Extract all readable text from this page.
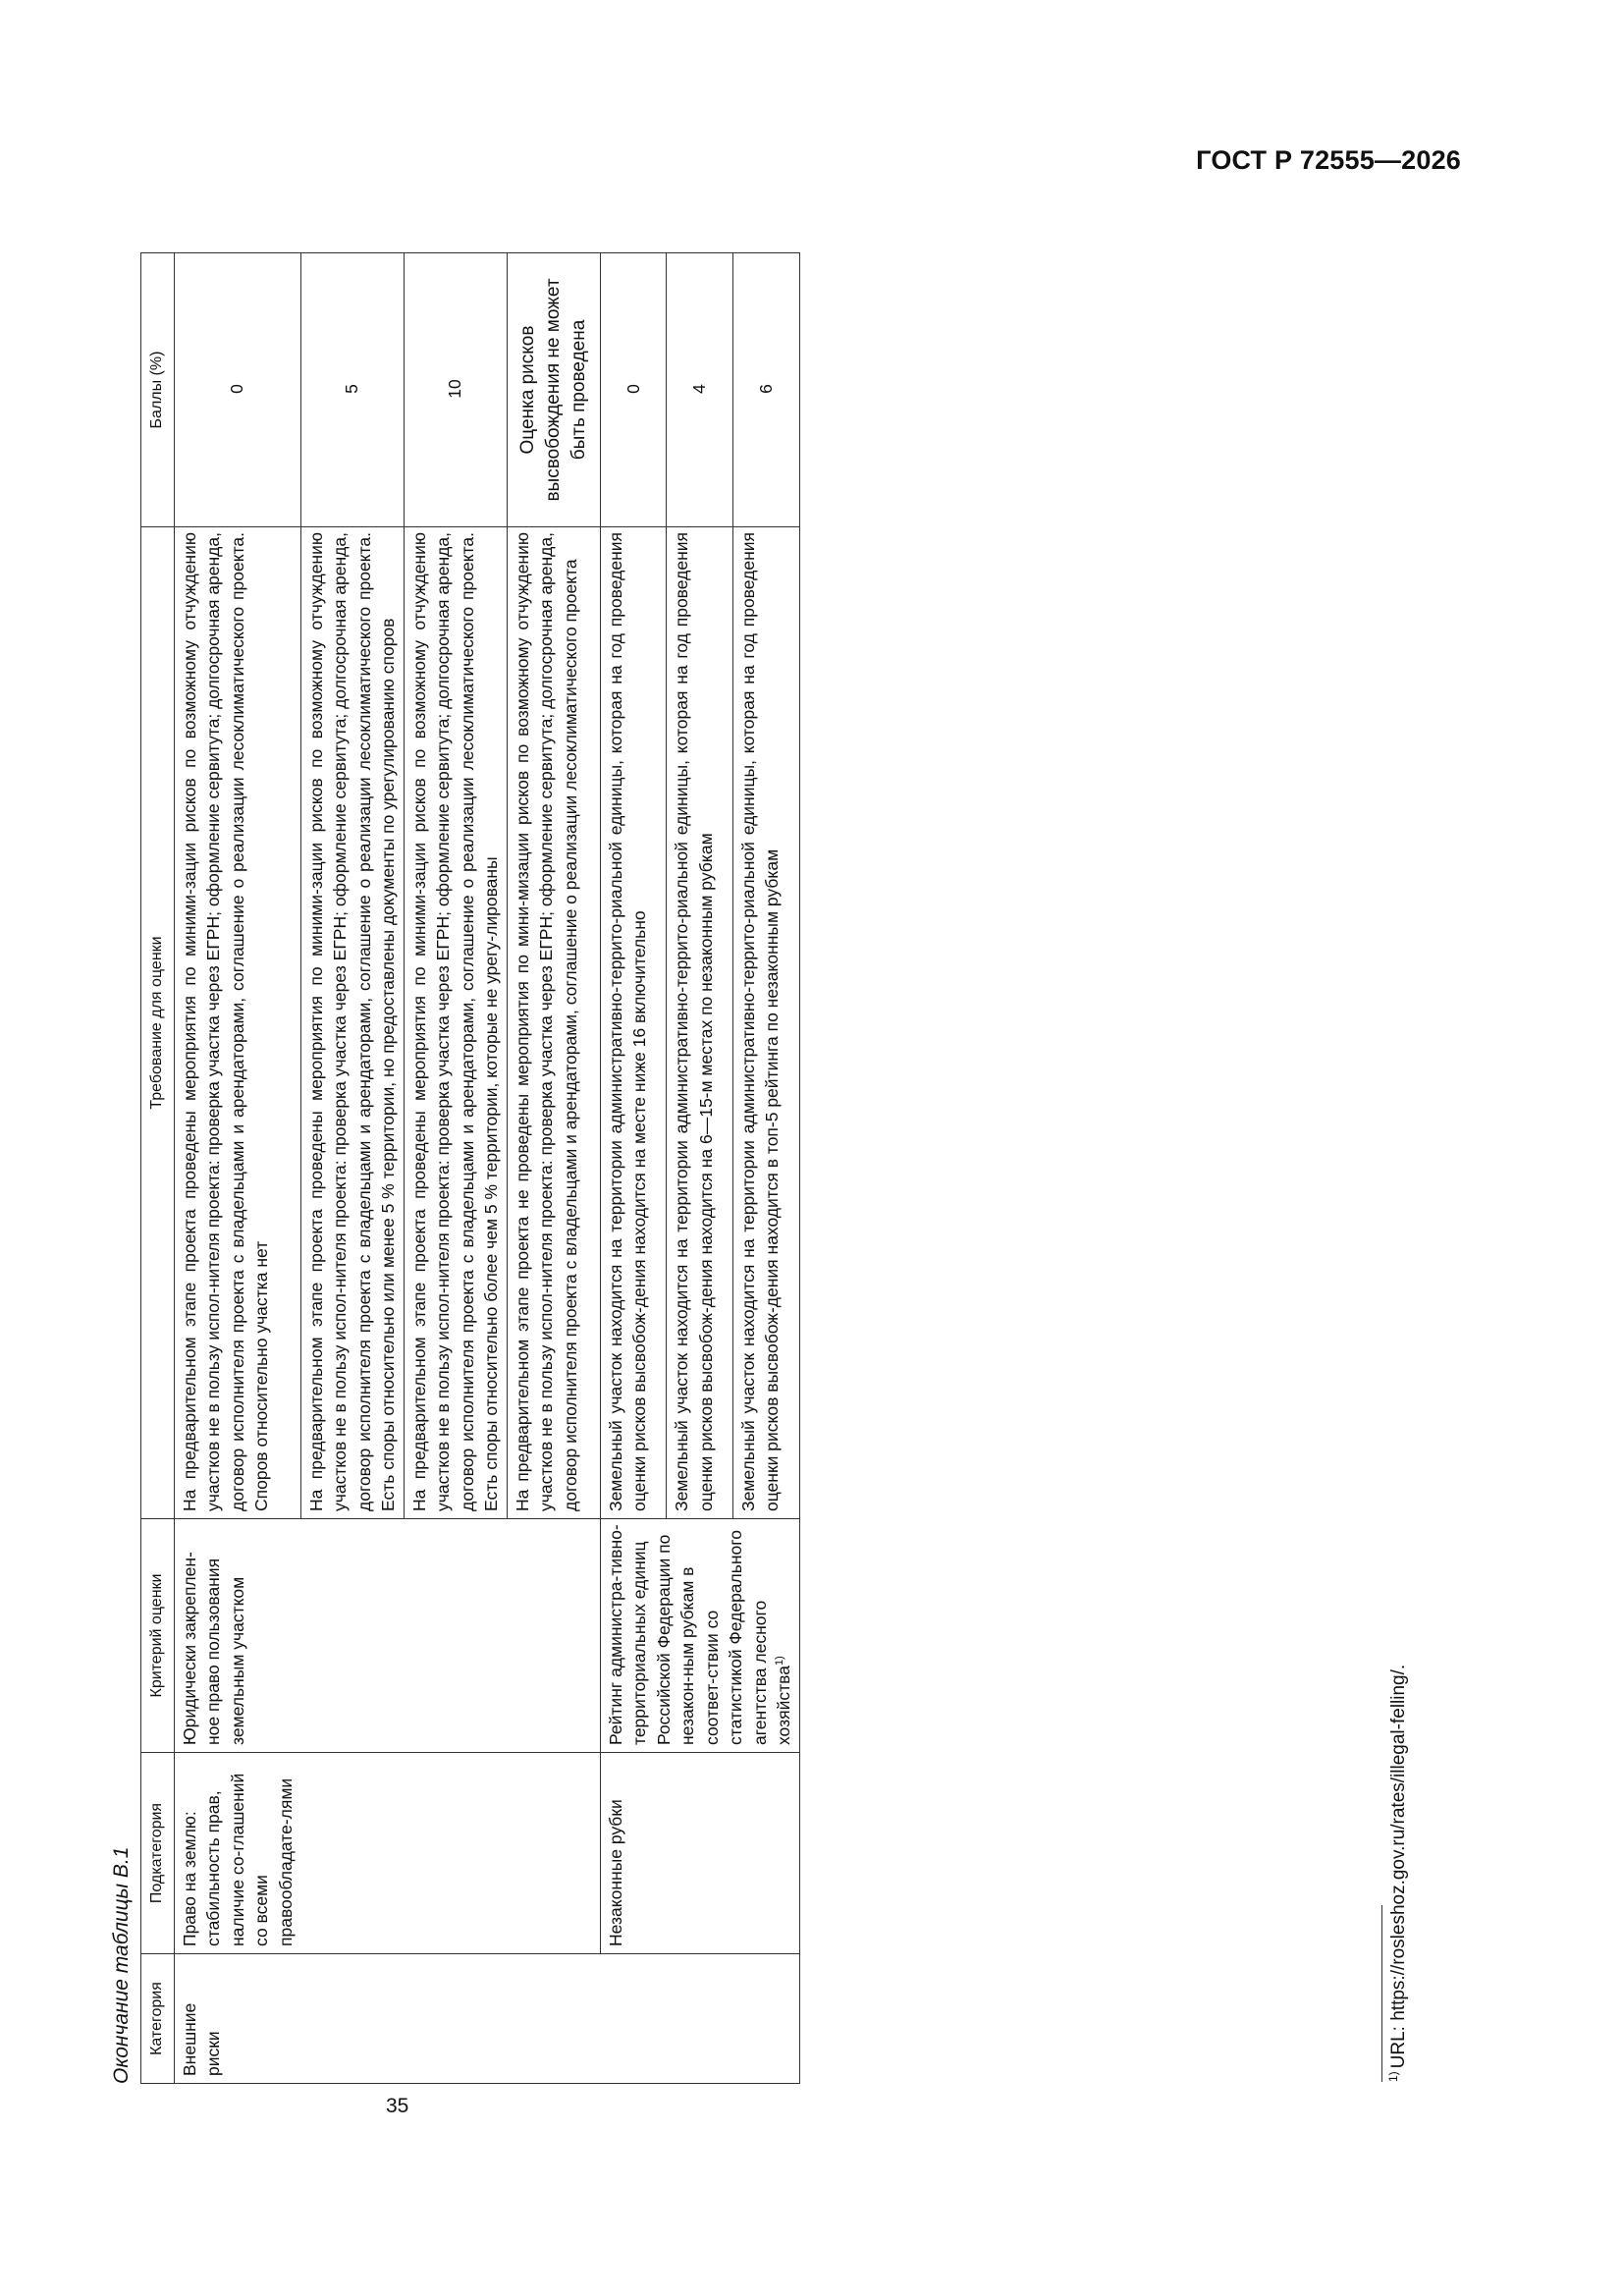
ГОСТ Р 72555—2026
Окончание таблицы В.1 Категория	Подкатегория	Критерий оценки	Требование для оценки	Баллы (%)
Внешние риски	Право на землю: стабильность прав, наличие со-глашений со всеми правообладате-лями	Юридически закреплен-ное право пользования земельным участком	На предварительном этапе проекта проведены мероприятия по миними-зации рисков по возможному отчуждению участков не в пользу испол-нителя проекта: проверка участка через ЕГРН; оформление сервитута; долгосрочная аренда, договор исполнителя проекта с владельцами и арендаторами, соглашение о реализации лесоклиматического проекта. Споров относительно участка нет	0
			На предварительном этапе проекта проведены мероприятия по миними-зации рисков по возможному отчуждению участков не в пользу испол-нителя проекта: проверка участка через ЕГРН; оформление сервитута; долгосрочная аренда, договор исполнителя проекта с владельцами и арендаторами, соглашение о реализации лесоклиматического проекта. Есть споры относительно или менее 5 % территории, но предоставлены документы по урегулированию споров	5
			На предварительном этапе проекта проведены мероприятия по миними-зации рисков по возможному отчуждению участков не в пользу испол-нителя проекта: проверка участка через ЕГРН; оформление сервитута; долгосрочная аренда, договор исполнителя проекта с владельцами и арендаторами, соглашение о реализации лесоклиматического проекта. Есть споры относительно более чем 5 % территории, которые не урегу-лированы	10
			На предварительном этапе проекта не проведены мероприятия по мини-мизации рисков по возможному отчуждению участков не в пользу испол-нителя проекта: проверка участка через ЕГРН; оформление сервитута; долгосрочная аренда, договор исполнителя проекта с владельцами и арендаторами, соглашение о реализации лесоклиматического проекта	Оценка рисков высвобождения не может быть проведена
	Незаконные рубки	Рейтинг администра-тивно-территориальных единиц Российской Федерации по незакон-ным рубкам в соответ-ствии со статистикой Федерального агентства лесного хозяйства$^{1)}$	Земельный участок находится на территории административно-террито-риальной единицы, которая на год проведения оценки рисков высвобож-дения находится на месте ниже 16 включительно	0
			Земельный участок находится на территории административно-террито-риальной единицы, которая на год проведения оценки рисков высвобож-дения находится на 6—15-м местах по незаконным рубкам	4
			Земельный участок находится на территории административно-террито-риальной единицы, которая на год проведения оценки рисков высвобож-дения находится в топ-5 рейтинга по незаконным рубкам	6
$^{1)}$URL: https://rosleshoz.gov.ru/rates/illegal-felling/.
35
